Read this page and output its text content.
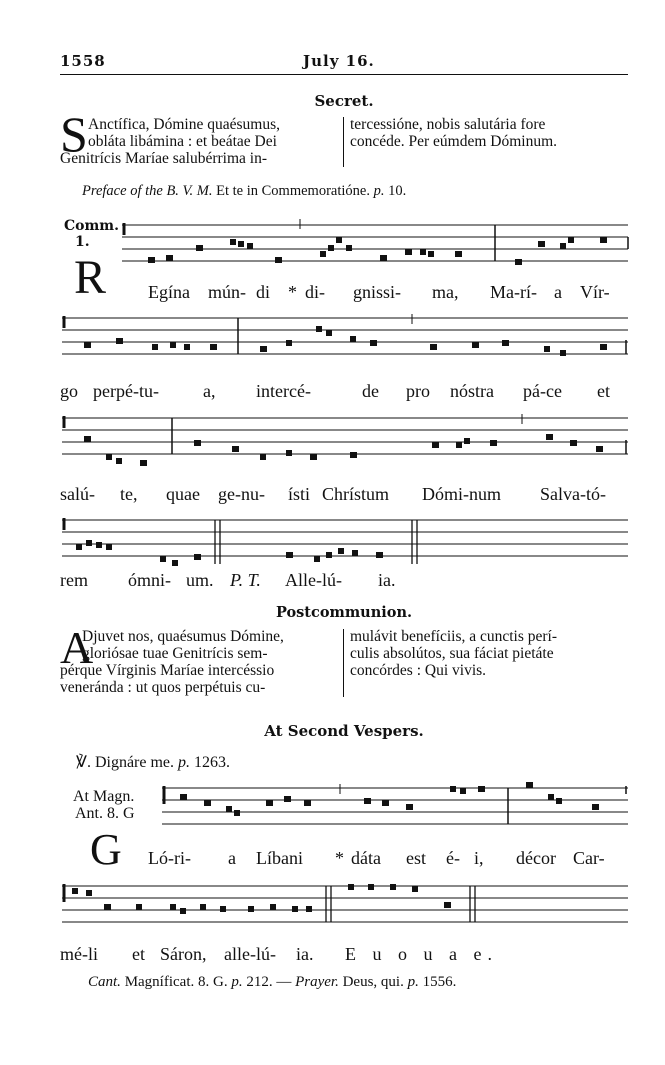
1558	July 16.
Secret.
S Anctífica, Dómine quaésumus,
obláta libámina : et beátae Dei
Genitrícis Maríae salubérrima in-
tercessióne, nobis salutária fore
concéde. Per eúmdem Dóminum.
Preface of the B. V. M. Et te in Commemoratióne. p. 10.
Comm.
1.
R Egína mún- di * di- gnissi- ma, Ma-rí- a Vír-
go perpé-tu- a, intercé-	de pro nóstra pá-ce et
salú- te, quae ge-nu- ísti Chrístum Dómi-num Salva-tó-
rem ómni- um. P. T. Alle-lú- ia.
Postcommunion.
A
Djuvet nos, quaésumus Dómine,
gloriósae tuae Genitrícis sem-
pérque Vírginis Maríae intercéssio
veneránda : ut quos perpétuis cu-
mulávit benefíciis, a cunctis perí-
culis absolútos, sua fáciat pietáte
concórdes : Qui vivis.
At Second Vespers.
℣. Dignáre me. p. 1263.
At Magn.
Ant. 8. G
G Ló-ri- a Líbani * dáta est é- i, décor Car-
mé-li et Sáron, alle-lú- ia. E u o u a e.
Cant. Magníficat. 8. G. p. 212. — Prayer. Deus, qui. p. 1556.
